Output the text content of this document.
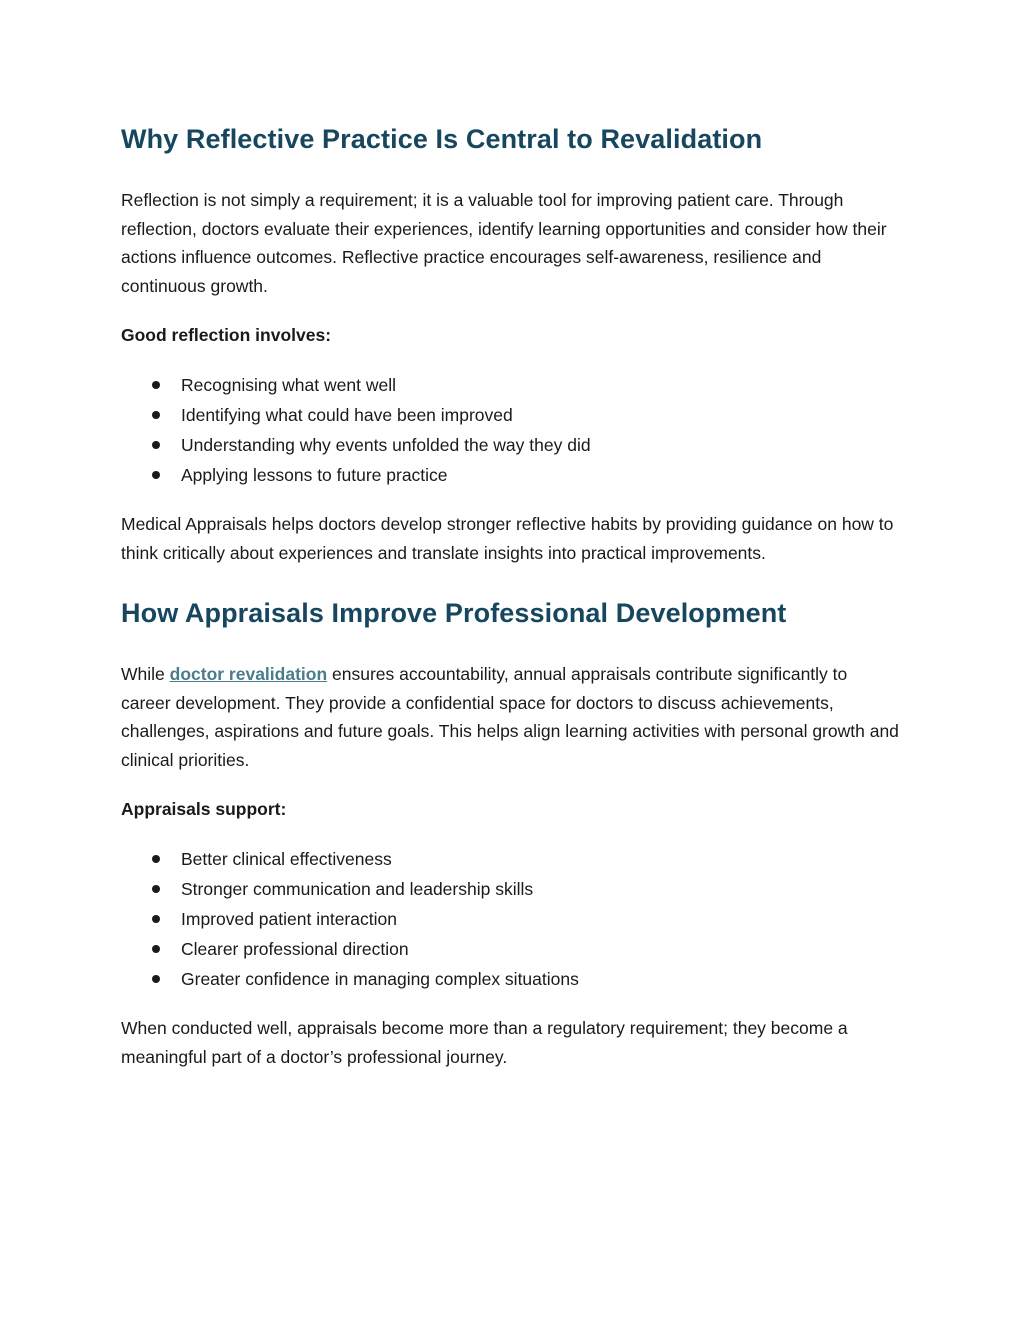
Why Reflective Practice Is Central to Revalidation

Reflection is not simply a requirement; it is a valuable tool for improving patient care. Through reflection, doctors evaluate their experiences, identify learning opportunities and consider how their actions influence outcomes. Reflective practice encourages self-awareness, resilience and continuous growth.

Good reflection involves:

Recognising what went well
Identifying what could have been improved
Understanding why events unfolded the way they did
Applying lessons to future practice

Medical Appraisals helps doctors develop stronger reflective habits by providing guidance on how to think critically about experiences and translate insights into practical improvements.

How Appraisals Improve Professional Development

While doctor revalidation ensures accountability, annual appraisals contribute significantly to career development. They provide a confidential space for doctors to discuss achievements, challenges, aspirations and future goals. This helps align learning activities with personal growth and clinical priorities.

Appraisals support:

Better clinical effectiveness
Stronger communication and leadership skills
Improved patient interaction
Clearer professional direction
Greater confidence in managing complex situations

When conducted well, appraisals become more than a regulatory requirement; they become a meaningful part of a doctor’s professional journey.
